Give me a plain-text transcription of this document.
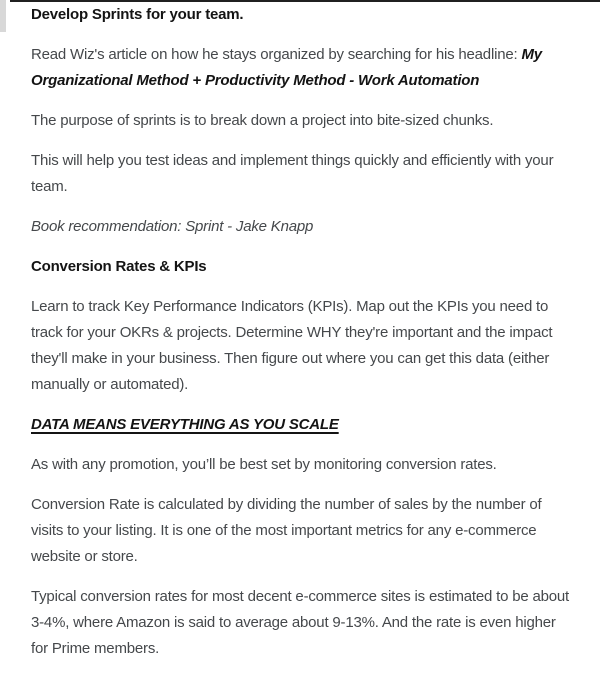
Develop Sprints for your team.
Read Wiz's article on how he stays organized by searching for his headline: My Organizational Method + Productivity Method - Work Automation
The purpose of sprints is to break down a project into bite-sized chunks.
This will help you test ideas and implement things quickly and efficiently with your team.
Book recommendation: Sprint - Jake Knapp
Conversion Rates & KPIs
Learn to track Key Performance Indicators (KPIs). Map out the KPIs you need to track for your OKRs & projects. Determine WHY they're important and the impact they'll make in your business. Then figure out where you can get this data (either manually or automated).
DATA MEANS EVERYTHING AS YOU SCALE
As with any promotion, you’ll be best set by monitoring conversion rates.
Conversion Rate is calculated by dividing the number of sales by the number of visits to your listing. It is one of the most important metrics for any e-commerce website or store.
Typical conversion rates for most decent e-commerce sites is estimated to be about 3-4%, where Amazon is said to average about 9-13%. And the rate is even higher for Prime members.
